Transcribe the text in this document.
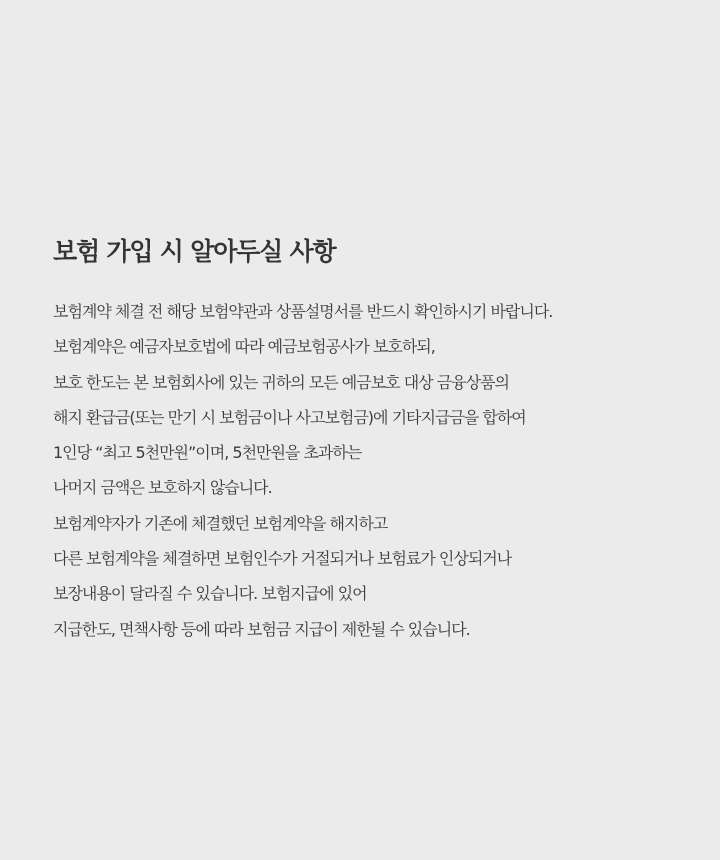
보험 가입 시 알아두실 사항
보험계약 체결 전 해당 보험약관과 상품설명서를 반드시 확인하시기 바랍니다.
보험계약은 예금자보호법에 따라 예금보험공사가 보호하되,
보호 한도는 본 보험회사에 있는 귀하의 모든 예금보호 대상 금융상품의
해지 환급금(또는 만기 시 보험금이나 사고보험금)에 기타지급금을 합하여
1인당 “최고 5천만원”이며, 5천만원을 초과하는
나머지 금액은 보호하지 않습니다.
보험계약자가 기존에 체결했던 보험계약을 해지하고
다른 보험계약을 체결하면 보험인수가 거절되거나 보험료가 인상되거나
보장내용이 달라질 수 있습니다. 보험지급에 있어
지급한도, 면책사항 등에 따라 보험금 지급이 제한될 수 있습니다.
